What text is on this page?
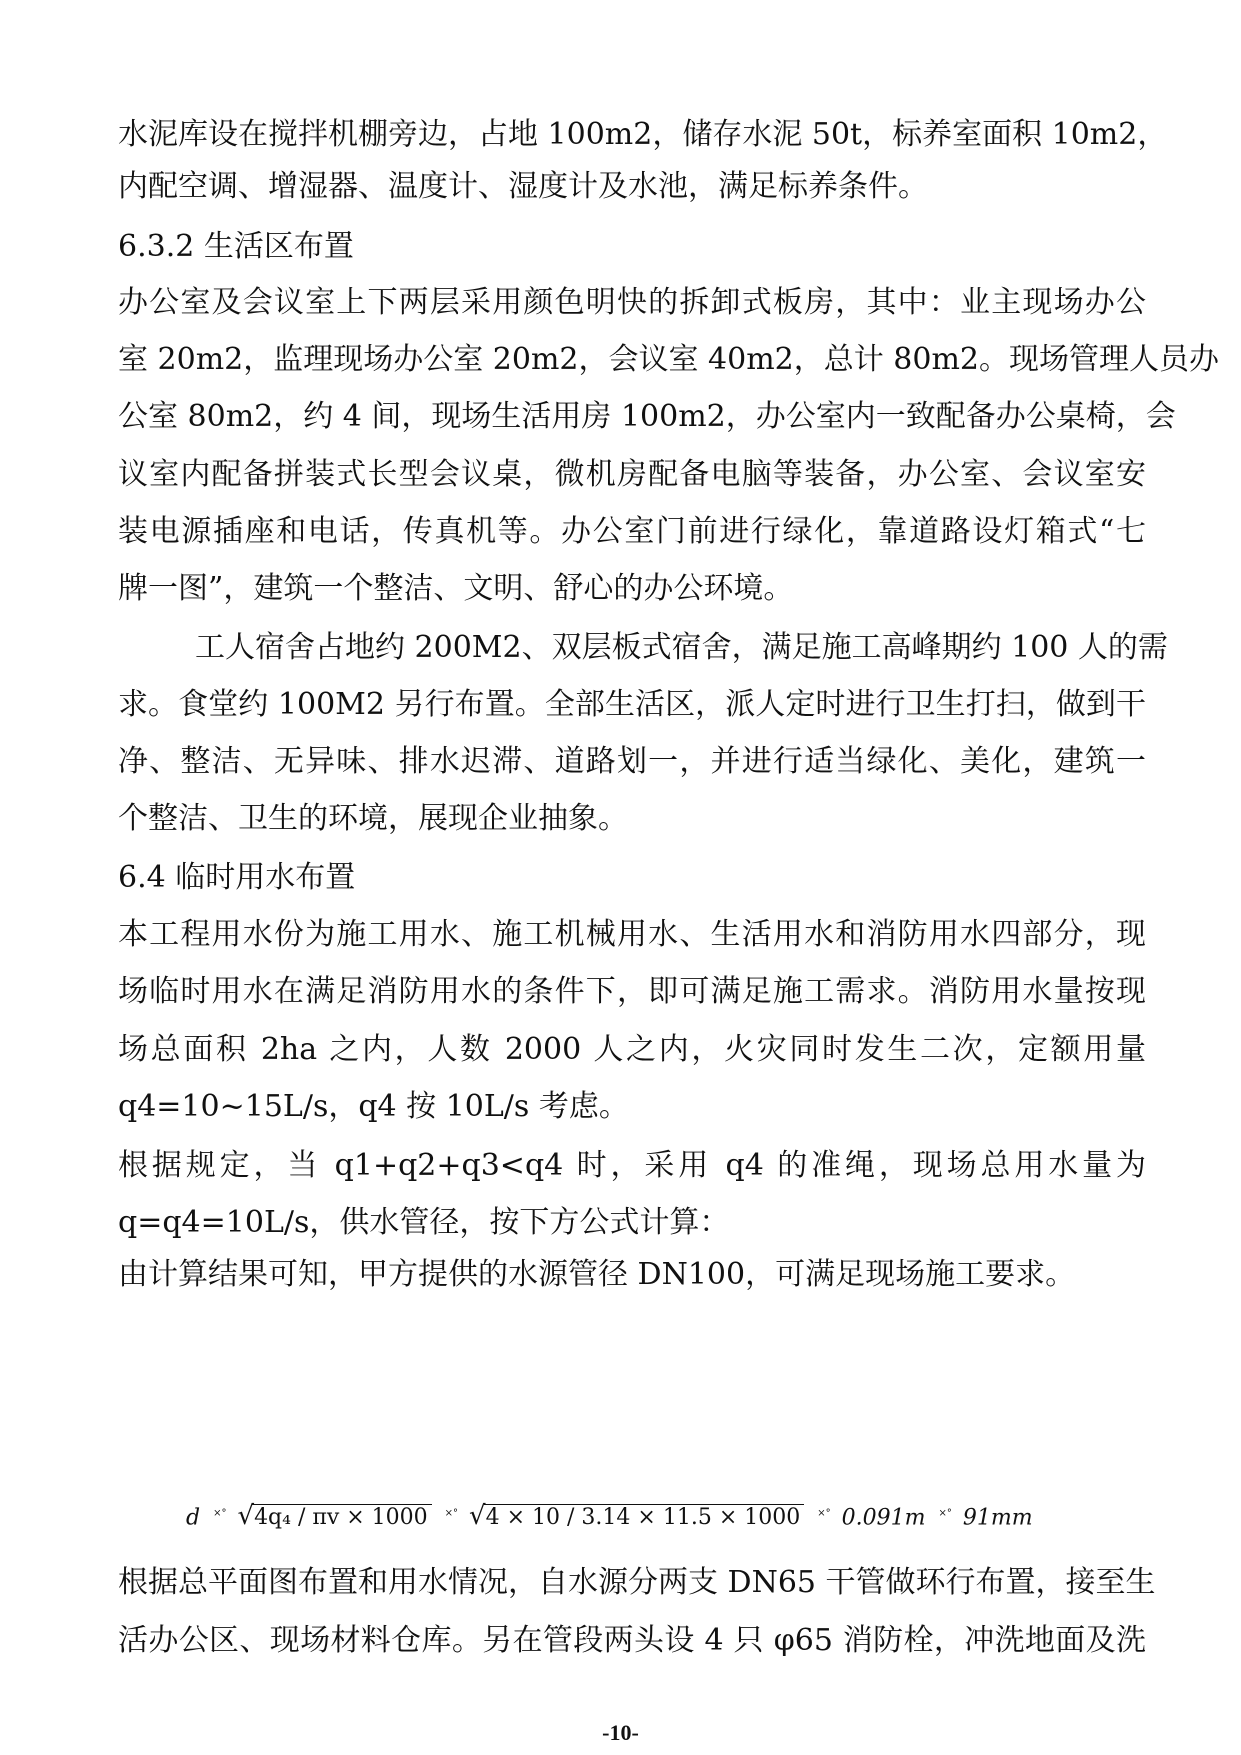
水泥库设在搅拌机棚旁边，占地 100m2，储存水泥 50t，标养室面积 10m2，
内配空调、增湿器、温度计、湿度计及水池，满足标养条件。
6.3.2 生活区布置
办公室及会议室上下两层采用颜色明快的拆卸式板房，其中：业主现场办公
室 20m2，监理现场办公室 20m2，会议室 40m2，总计 80m2。现场管理人员办
公室 80m2，约 4 间，现场生活用房 100m2，办公室内一致配备办公桌椅，会
议室内配备拼装式长型会议桌，微机房配备电脑等装备，办公室、会议室安
装电源插座和电话，传真机等。办公室门前进行绿化，靠道路设灯箱式“七
牌一图”，建筑一个整洁、文明、舒心的办公环境。
工人宿舍占地约 200M2、双层板式宿舍，满足施工高峰期约 100 人的需
求。食堂约 100M2 另行布置。全部生活区，派人定时进行卫生打扫，做到干
净、整洁、无异味、排水迟滞、道路划一，并进行适当绿化、美化，建筑一
个整洁、卫生的环境，展现企业抽象。
6.4 临时用水布置
本工程用水份为施工用水、施工机械用水、生活用水和消防用水四部分，现
场临时用水在满足消防用水的条件下，即可满足施工需求。消防用水量按现
场总面积 2ha 之内，人数 2000 人之内，火灾同时发生二次，定额用量
q4=10~15L/s，q4 按 10L/s 考虑。
根据规定，当 q1+q2+q3<q4 时，采用 q4 的准绳，现场总用水量为
q=q4=10L/s，供水管径，按下方公式计算：
由计算结果可知，甲方提供的水源管径 DN100，可满足现场施工要求。
d ×° √4q₄ / πv × 1000 ×° √4 × 10 / 3.14 × 11.5 × 1000 ×° 0.091m ×° 91mm
根据总平面图布置和用水情况，自水源分两支 DN65 干管做环行布置，接至生
活办公区、现场材料仓库。另在管段两头设 4 只 φ65 消防栓，冲洗地面及洗
-10-
